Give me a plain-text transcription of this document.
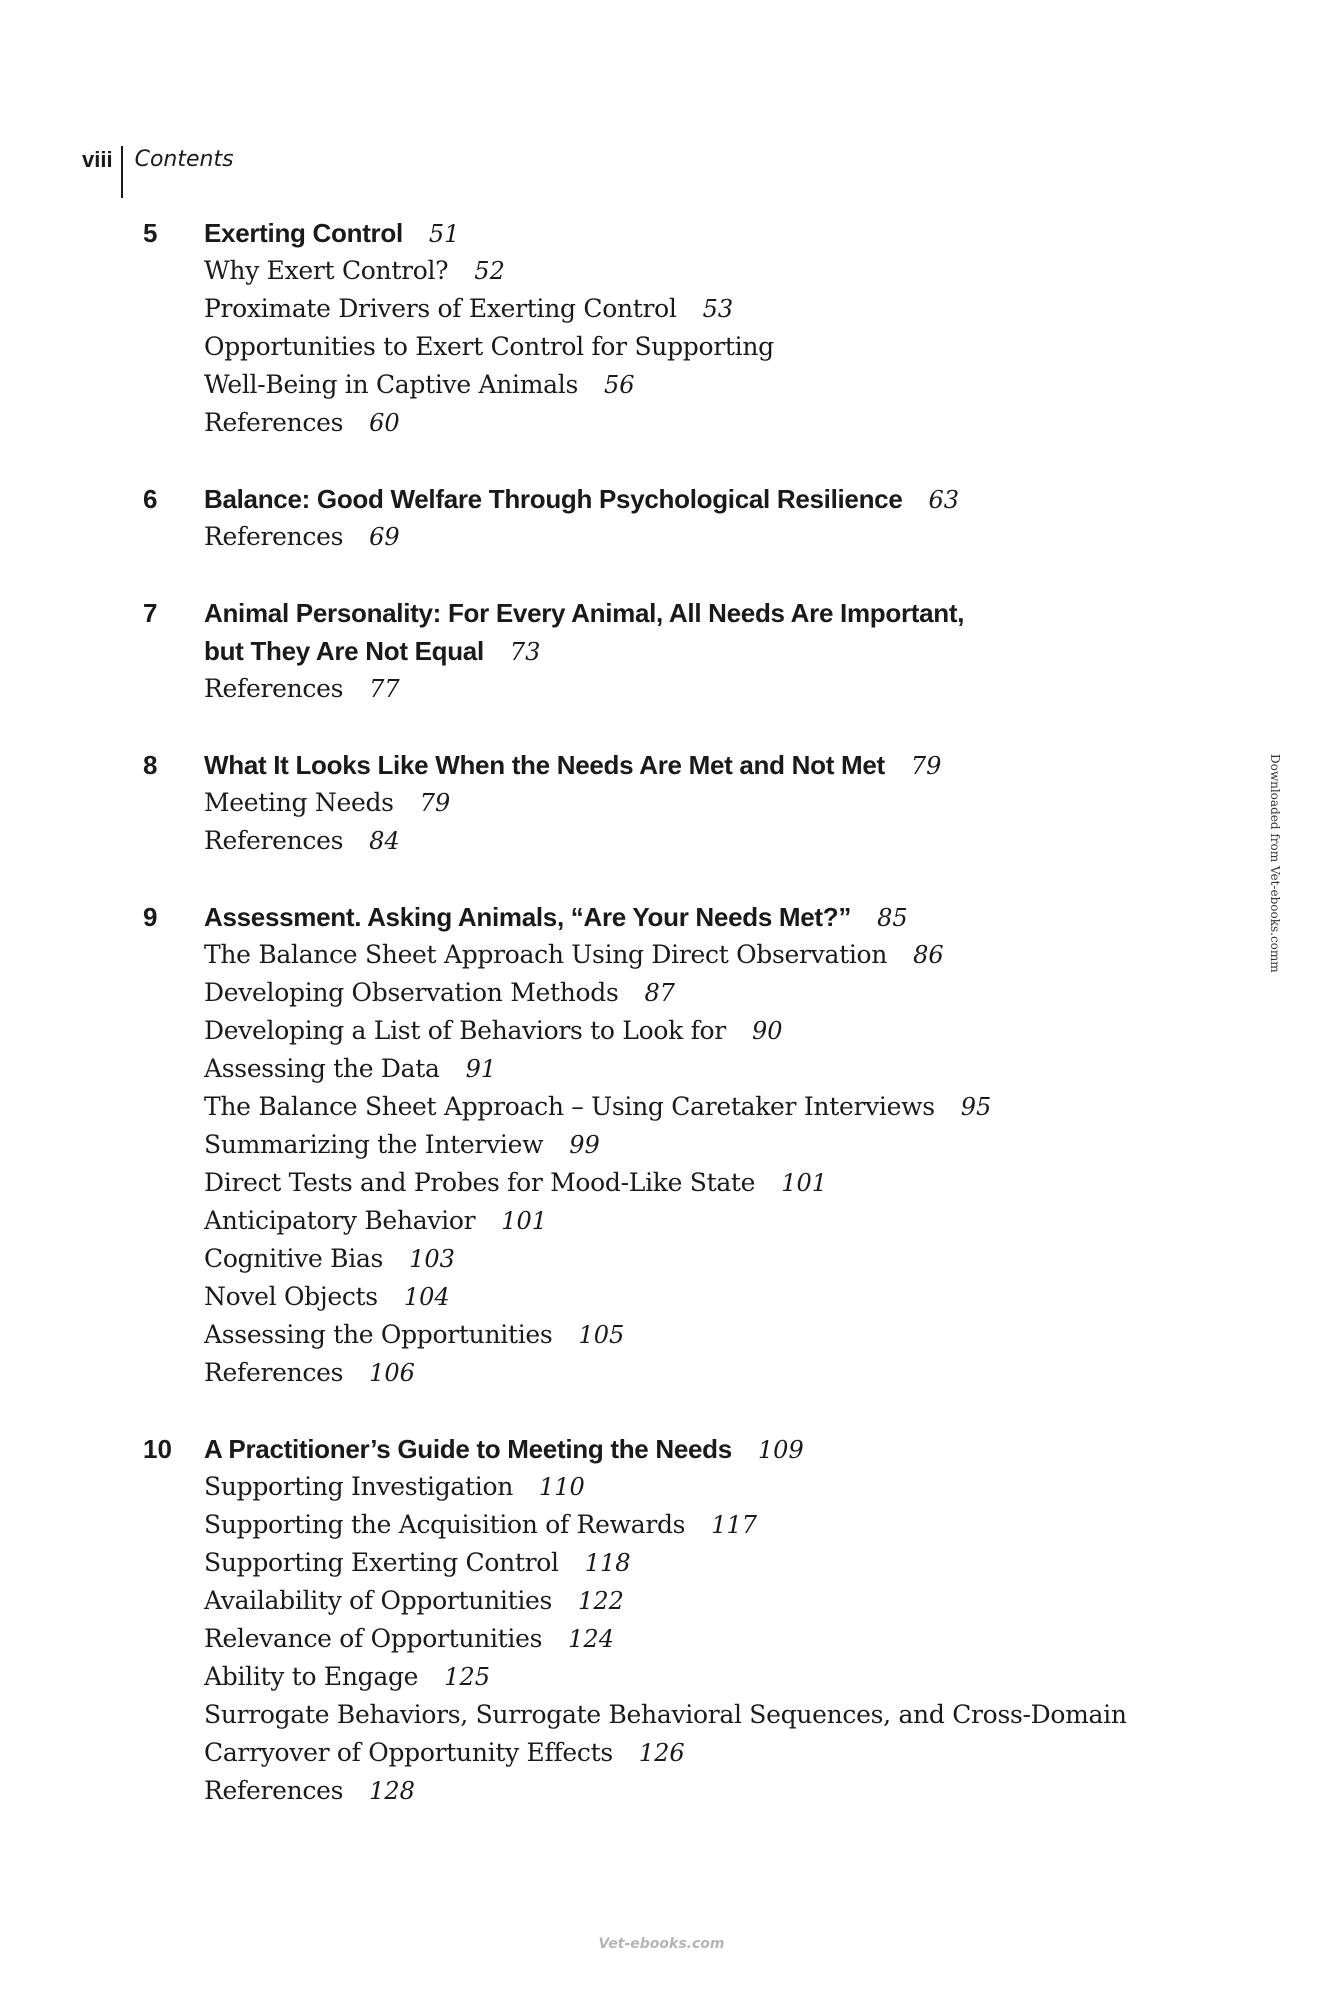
viii	Contents
5 Exerting Control 51
Why Exert Control? 52
Proximate Drivers of Exerting Control 53
Opportunities to Exert Control for Supporting
Well-Being in Captive Animals 56
References 60
6 Balance: Good Welfare Through Psychological Resilience 63
References 69
7 Animal Personality: For Every Animal, All Needs Are Important,
but They Are Not Equal 73
References 77
8 What It Looks Like When the Needs Are Met and Not Met 79
Meeting Needs 79
References 84
9 Assessment. Asking Animals, “Are Your Needs Met?” 85
The Balance Sheet Approach Using Direct Observation 86
Developing Observation Methods 87
Developing a List of Behaviors to Look for 90
Assessing the Data 91
The Balance Sheet Approach – Using Caretaker Interviews 95
Summarizing the Interview 99
Direct Tests and Probes for Mood-Like State 101
Anticipatory Behavior 101
Cognitive Bias 103
Novel Objects 104
Assessing the Opportunities 105
References 106
10 A Practitioner’s Guide to Meeting the Needs 109
Supporting Investigation 110
Supporting the Acquisition of Rewards 117
Supporting Exerting Control 118
Availability of Opportunities 122
Relevance of Opportunities 124
Ability to Engage 125
Surrogate Behaviors, Surrogate Behavioral Sequences, and Cross-Domain
Carryover of Opportunity Effects 126
References 128
Downloaded from Vet-ebooks.comm
Vet-ebooks.com
